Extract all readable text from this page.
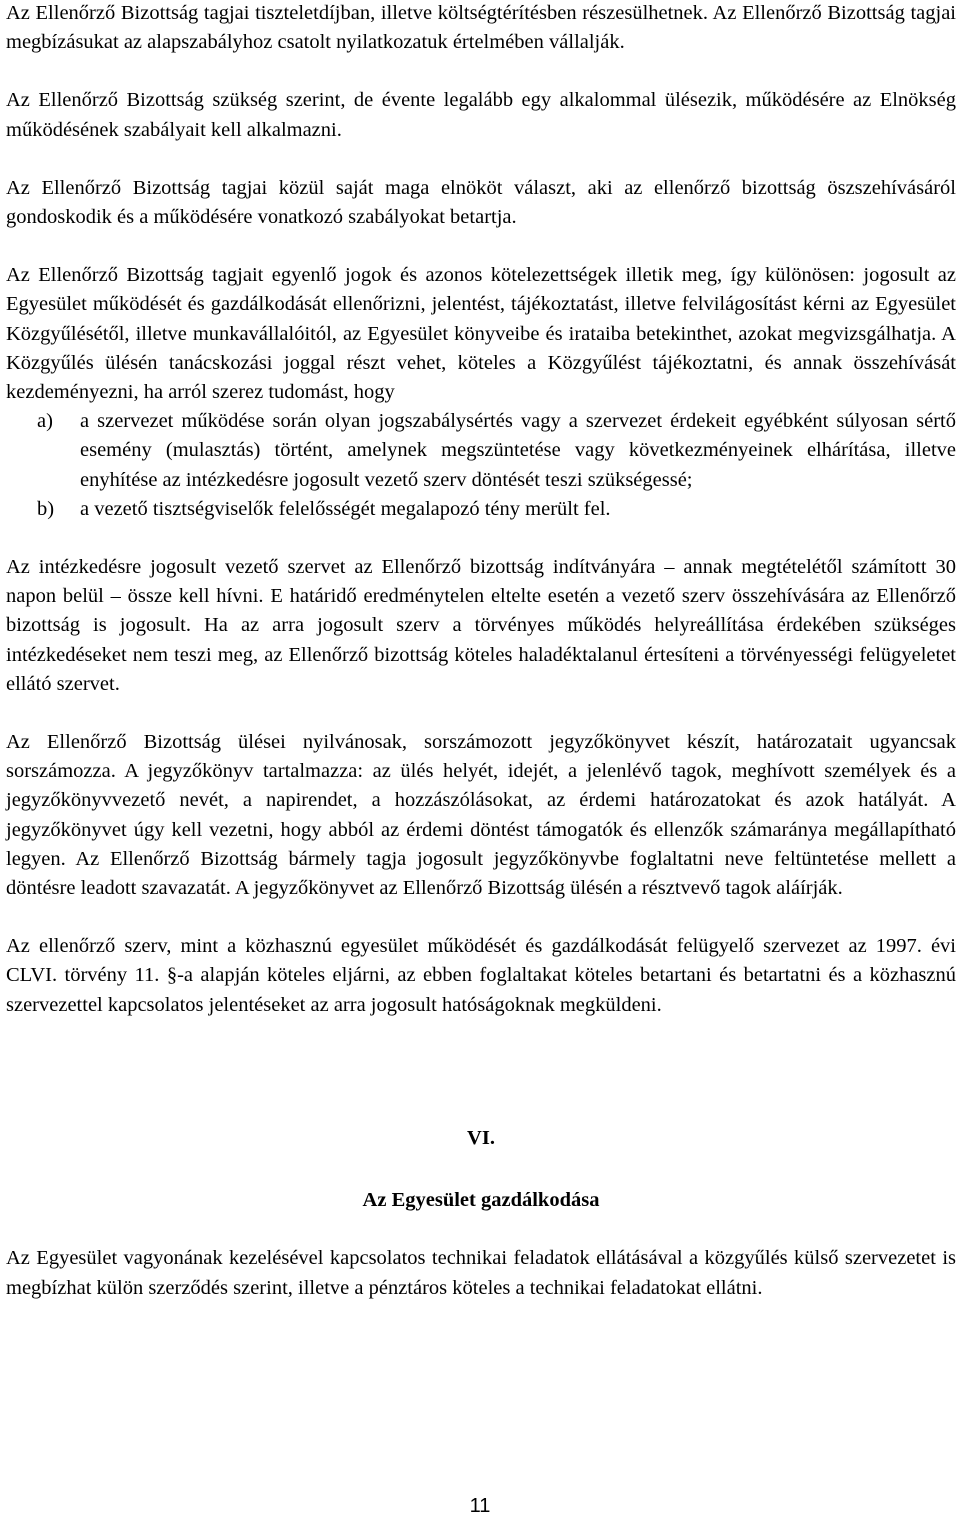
Az Ellenőrző Bizottság tagjai tiszteletdíjban, illetve költségtérítésben részesülhetnek. Az Ellenőrző Bizottság tagjai megbízásukat az alapszabályhoz csatolt nyilatkozatuk értelmében vállalják.

Az Ellenőrző Bizottság szükség szerint, de évente legalább egy alkalommal ülésezik, működésére az Elnökség működésének szabályait kell alkalmazni.

Az Ellenőrző Bizottság tagjai közül saját maga elnököt választ, aki az ellenőrző bizottság öszszehívásáról gondoskodik és a működésére vonatkozó szabályokat betartja.

Az Ellenőrző Bizottság tagjait egyenlő jogok és azonos kötelezettségek illetik meg, így különösen: jogosult az Egyesület működését és gazdálkodását ellenőrizni, jelentést, tájékoztatást, illetve felvilágosítást kérni az Egyesület Közgyűlésétől, illetve munkavállalóitól, az Egyesület könyveibe és irataiba betekinthet, azokat megvizsgálhatja. A Közgyűlés ülésén tanácskozási joggal részt vehet, köteles a Közgyűlést tájékoztatni, és annak összehívását kezdeményezni, ha arról szerez tudomást, hogy

a)	a szervezet működése során olyan jogszabálysértés vagy a szervezet érdekeit egyébként súlyosan sértő esemény (mulasztás) történt, amelynek megszüntetése vagy következményeinek elhárítása, illetve enyhítése az intézkedésre jogosult vezető szerv döntését teszi szükségessé;
b)	a vezető tisztségviselők felelősségét megalapozó tény merült fel.

Az intézkedésre jogosult vezető szervet az Ellenőrző bizottság indítványára – annak megtételétől számított 30 napon belül – össze kell hívni. E határidő eredménytelen eltelte esetén a vezető szerv összehívására az Ellenőrző bizottság is jogosult. Ha az arra jogosult szerv a törvényes működés helyreállítása érdekében szükséges intézkedéseket nem teszi meg, az Ellenőrző bizottság köteles haladéktalanul értesíteni a törvényességi felügyeletet ellátó szervet.

Az Ellenőrző Bizottság ülései nyilvánosak, sorszámozott jegyzőkönyvet készít, határozatait ugyancsak sorszámozza. A jegyzőkönyv tartalmazza: az ülés helyét, idejét, a jelenlévő tagok, meghívott személyek és a jegyzőkönyvvezető nevét, a napirendet, a hozzászólásokat, az érdemi határozatokat és azok hatályát. A jegyzőkönyvet úgy kell vezetni, hogy abból az érdemi döntést támogatók és ellenzők számaránya megállapítható legyen. Az Ellenőrző Bizottság bármely tagja jogosult jegyzőkönyvbe foglaltatni neve feltüntetése mellett a döntésre leadott szavazatát. A jegyzőkönyvet az Ellenőrző Bizottság ülésén a résztvevő tagok aláírják.

Az ellenőrző szerv, mint a közhasznú egyesület működését és gazdálkodását felügyelő szervezet az 1997. évi CLVI. törvény 11. §-a alapján köteles eljárni, az ebben foglaltakat köteles betartani és betartatni és a közhasznú szervezettel kapcsolatos jelentéseket az arra jogosult hatóságoknak megküldeni.

VI.
Az Egyesület gazdálkodása

Az Egyesület vagyonának kezelésével kapcsolatos technikai feladatok ellátásával a közgyűlés külső szervezetet is megbízhat külön szerződés szerint, illetve a pénztáros köteles a technikai feladatokat ellátni.

11
